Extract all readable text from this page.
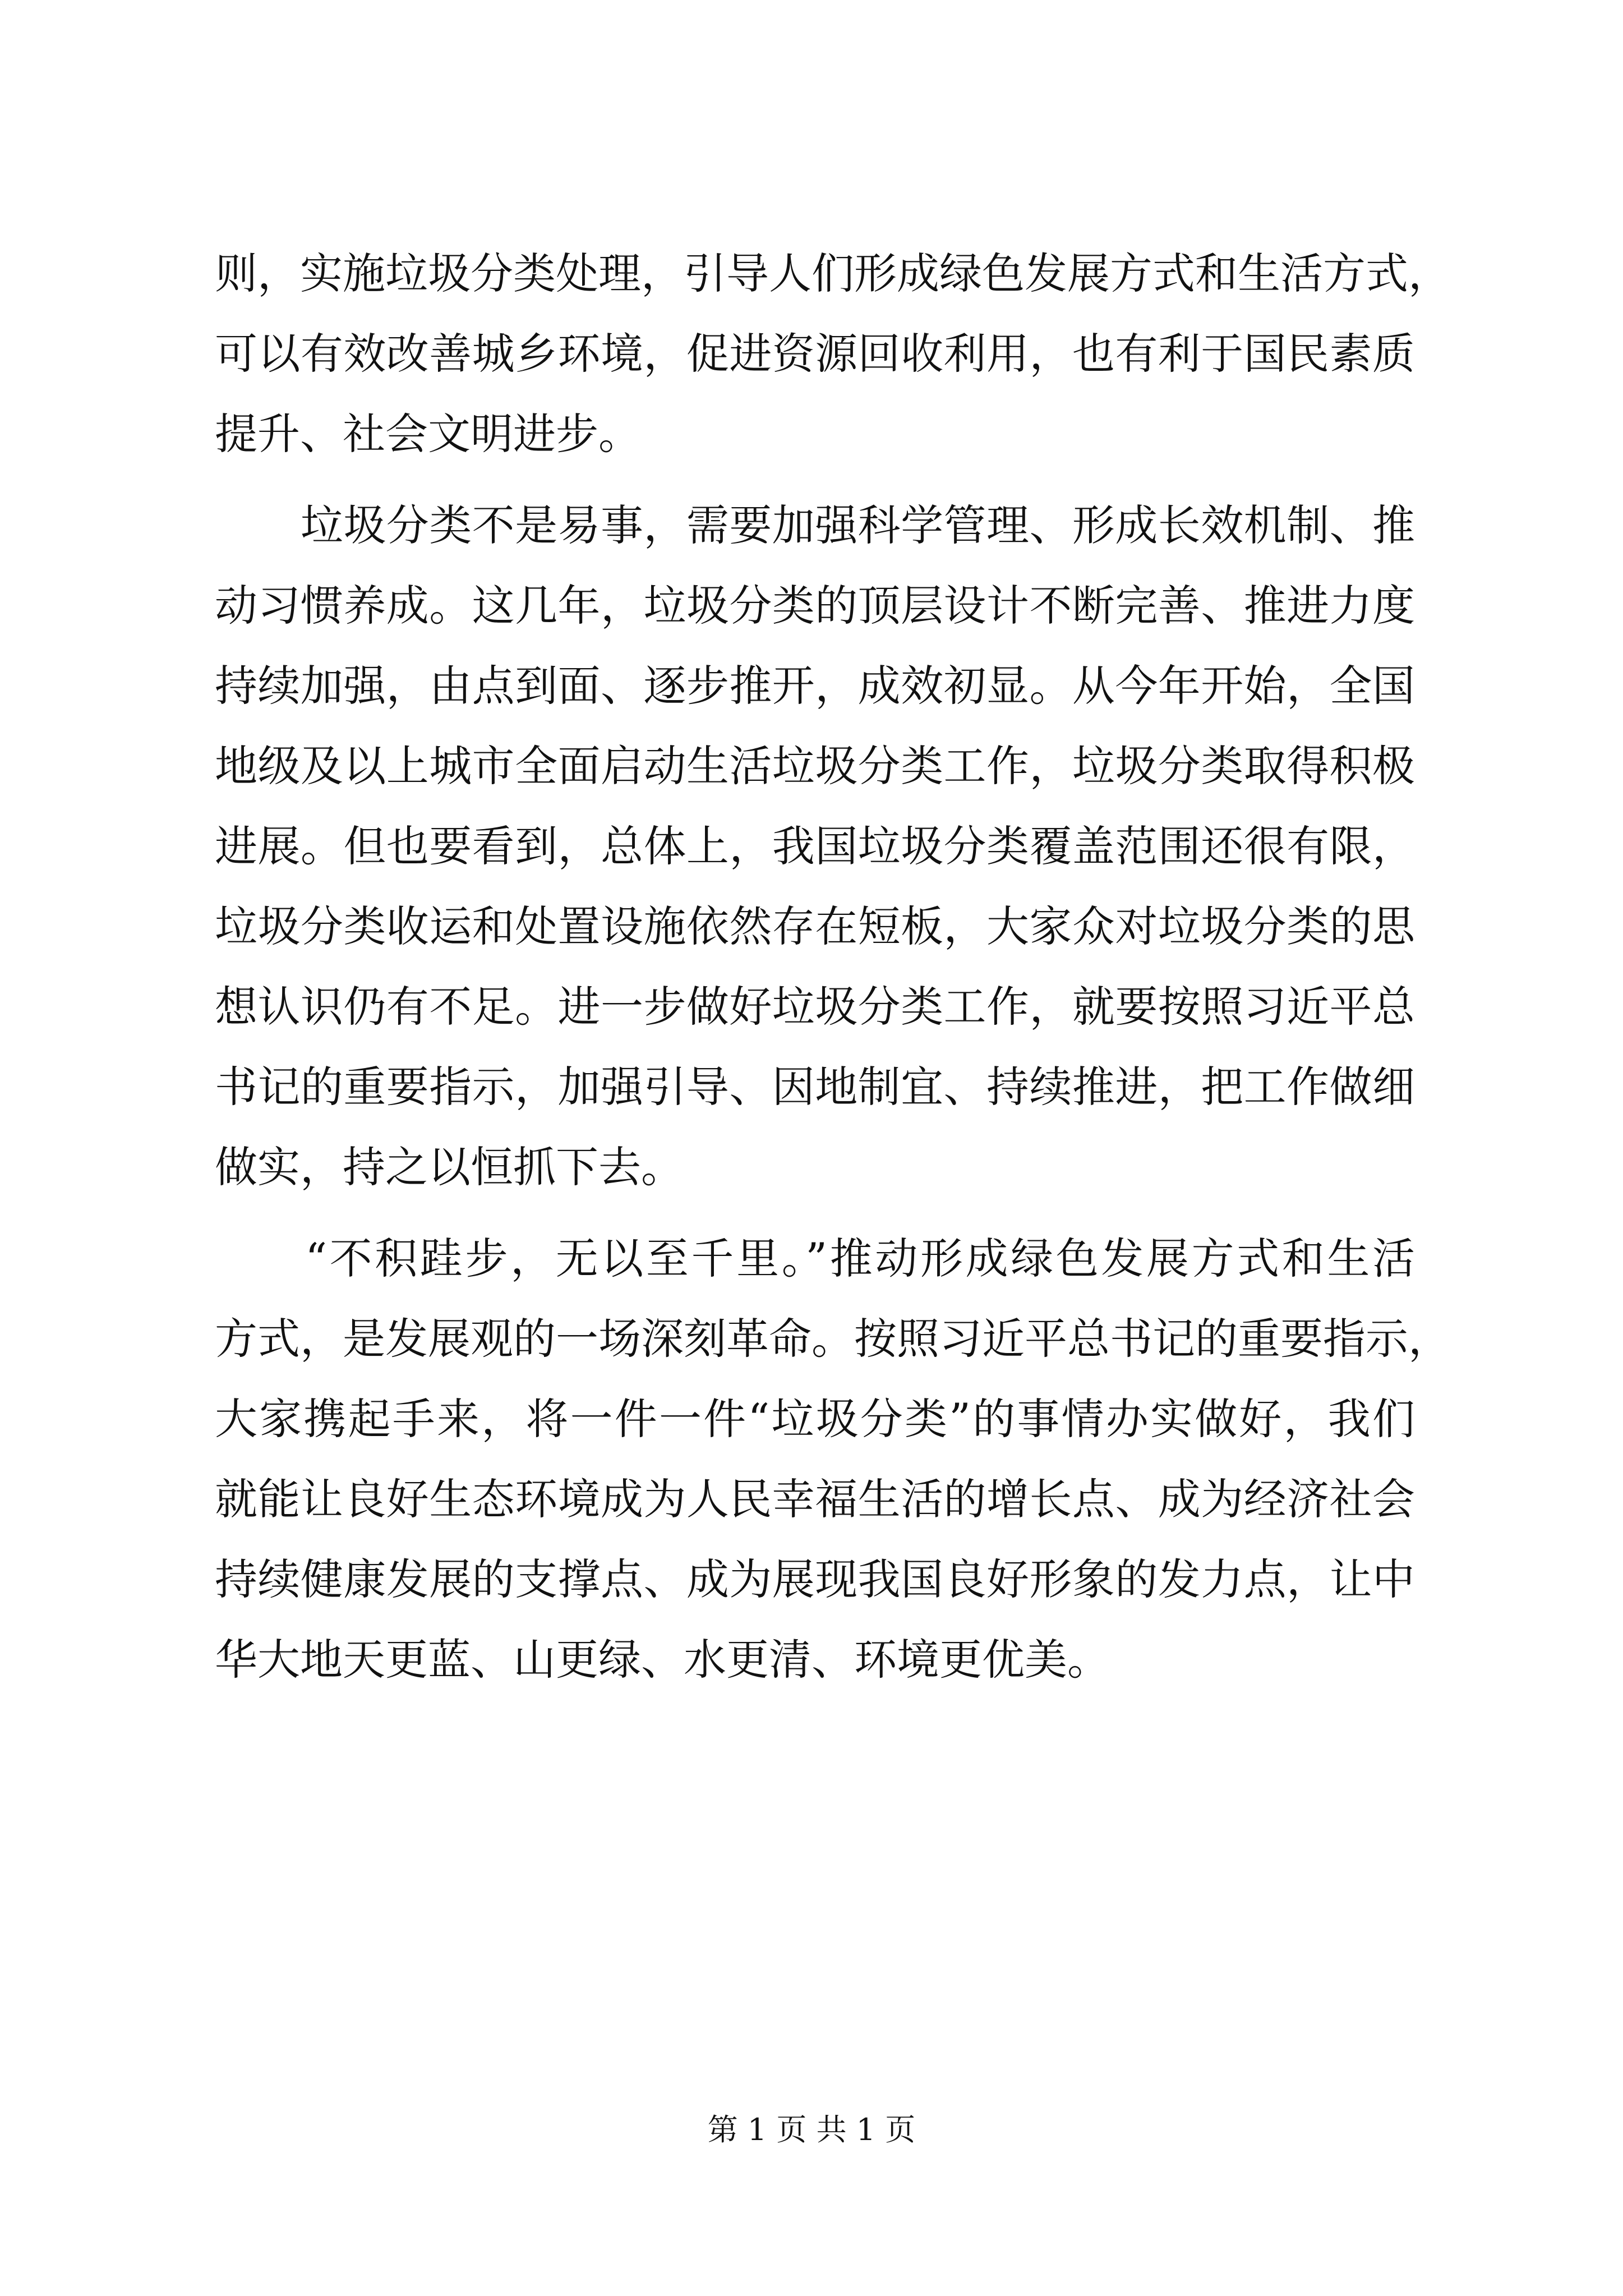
则，实施垃圾分类处理，引导人们形成绿色发展方式和生活方式，
可以有效改善城乡环境，促进资源回收利用，也有利于国民素质
提升、社会文明进步。
　　垃圾分类不是易事，需要加强科学管理、形成长效机制、推
动习惯养成。这几年，垃圾分类的顶层设计不断完善、推进力度
持续加强，由点到面、逐步推开，成效初显。从今年开始，全国
地级及以上城市全面启动生活垃圾分类工作，垃圾分类取得积极
进展。但也要看到，总体上，我国垃圾分类覆盖范围还很有限，
垃圾分类收运和处置设施依然存在短板，大家众对垃圾分类的思
想认识仍有不足。进一步做好垃圾分类工作，就要按照习近平总
书记的重要指示，加强引导、因地制宜、持续推进，把工作做细
做实，持之以恒抓下去。
　　“不积跬步，无以至千里。”推动形成绿色发展方式和生活
方式，是发展观的一场深刻革命。按照习近平总书记的重要指示，
大家携起手来，将一件一件“垃圾分类”的事情办实做好，我们
就能让良好生态环境成为人民幸福生活的增长点、成为经济社会
持续健康发展的支撑点、成为展现我国良好形象的发力点，让中
华大地天更蓝、山更绿、水更清、环境更优美。
第 1 页 共 1 页
